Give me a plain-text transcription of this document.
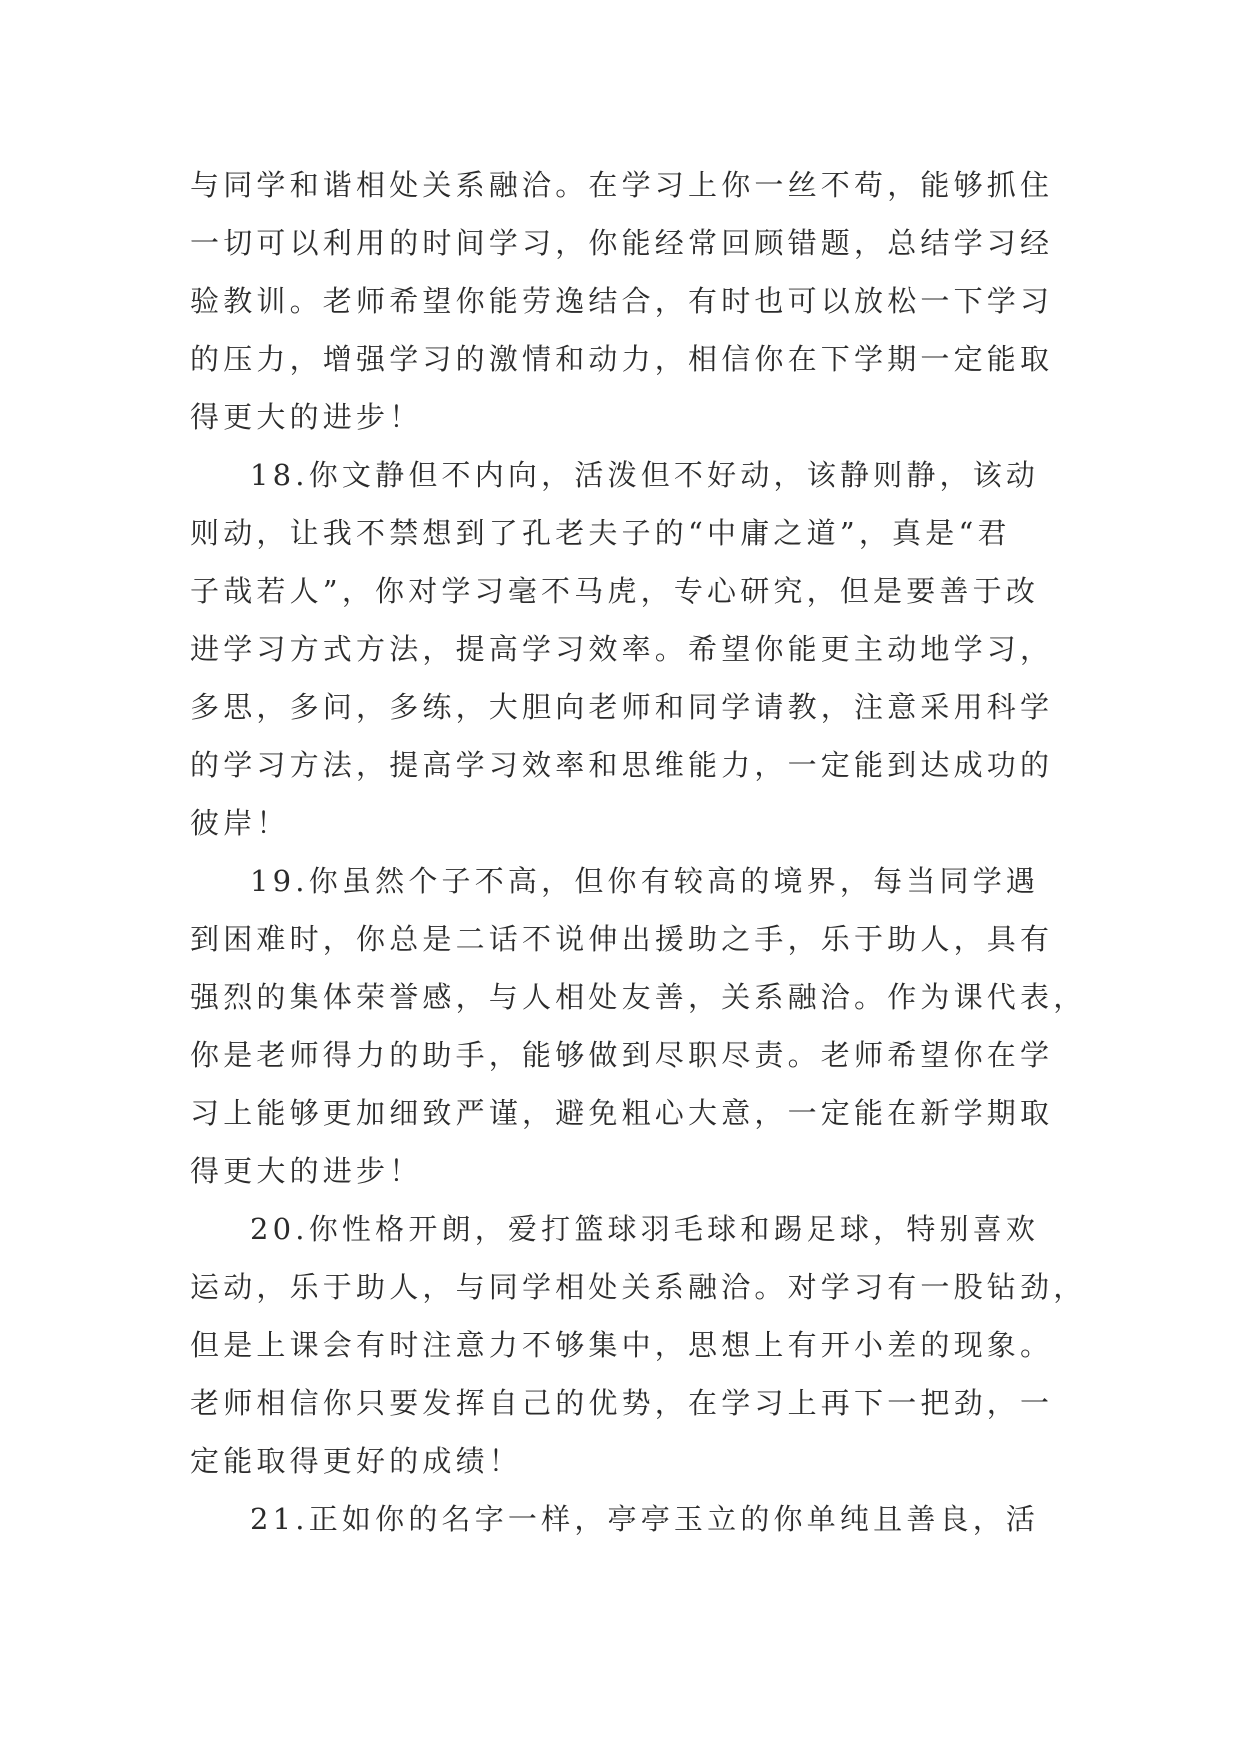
与同学和谐相处关系融洽。在学习上你一丝不苟，能够抓住
一切可以利用的时间学习，你能经常回顾错题，总结学习经
验教训。老师希望你能劳逸结合，有时也可以放松一下学习
的压力，增强学习的激情和动力，相信你在下学期一定能取
得更大的进步！
18.你文静但不内向，活泼但不好动，该静则静，该动
则动，让我不禁想到了孔老夫子的“中庸之道”，真是“君
子哉若人”，你对学习毫不马虎，专心研究，但是要善于改
进学习方式方法，提高学习效率。希望你能更主动地学习，
多思，多问，多练，大胆向老师和同学请教，注意采用科学
的学习方法，提高学习效率和思维能力，一定能到达成功的
彼岸！
19.你虽然个子不高，但你有较高的境界，每当同学遇
到困难时，你总是二话不说伸出援助之手，乐于助人，具有
强烈的集体荣誉感，与人相处友善，关系融洽。作为课代表，
你是老师得力的助手，能够做到尽职尽责。老师希望你在学
习上能够更加细致严谨，避免粗心大意，一定能在新学期取
得更大的进步！
20.你性格开朗，爱打篮球羽毛球和踢足球，特别喜欢
运动，乐于助人，与同学相处关系融洽。对学习有一股钻劲，
但是上课会有时注意力不够集中，思想上有开小差的现象。
老师相信你只要发挥自己的优势，在学习上再下一把劲，一
定能取得更好的成绩！
21.正如你的名字一样，亭亭玉立的你单纯且善良，活
